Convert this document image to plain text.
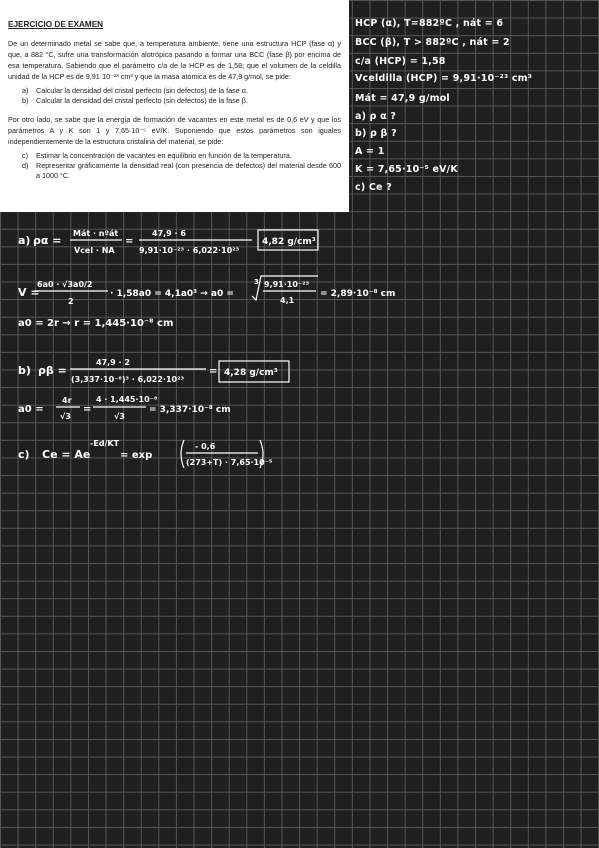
EJERCICIO DE EXAMEN

De un determinado metal se sabe que, a temperatura ambiente, tiene una estructura HCP (fase α) y que, a 882 °C, sufre una transformación alotrópica pasando a formar una BCC (fase β) por encima de esa temperatura. Sabiendo que el parámetro c/a de la HCP es de 1,58; que el volumen de la celdilla unidad de la HCP es de 9,91·10⁻²³ cm³ y que la masa atómica es de 47,9 g/mol, se pide:

a) Calcular la densidad del cristal perfecto (sin defectos) de la fase α.
b) Calcular la densidad del cristal perfecto (sin defectos) de la fase β.

Por otro lado, se sabe que la energía de formación de vacantes en este metal es de 0,6 eV y que los parámetros A y K son 1 y 7,65·10⁻⁵ eV/K. Suponiendo que estos parámetros son iguales independientemente de la estructura cristalina del material, se pide:

c) Estimar la concentración de vacantes en equilibrio en función de la temperatura.
d) Representar gráficamente la densidad real (con presencia de defectos) del material desde 600 a 1000 °C.
HCP (α), T=882ºC , nát = 6
BCC (β), T > 882ºC , nát = 2
c/a (HCP) = 1,58
Vceldilla (HCP) = 9,91·10⁻²³ cm³
Mát = 47,9 g/mol
a) ρ α ?
b) ρ β ?
A = 1
K = 7,65·10⁻⁵ eV/K
c) Ce ?
a) ρα =
Mát · nºát
Vcel · NA
=
47,9 · 6
9,91·10⁻²³ · 6,022·10²³
4,82 g/cm³
V =
6a0 · √3a0/2
2
· 1,58a0 = 4,1a0³ → a0 =
3 9,91·10⁻²³
4,1
= 2,89·10⁻⁸ cm
a0 = 2r → r = 1,445·10⁻⁸ cm
b) ρβ =
47,9 · 2
(3,337·10⁻⁸)³ · 6,022·10²³
= 4,28 g/cm³
a0 =
4r
√3
=
4 · 1,445·10⁻⁸
√3
= 3,337·10⁻⁸ cm
c) Ce = Ae
-Ed/KT
= exp
- 0,6
(273+T) · 7,65·10⁻⁵
